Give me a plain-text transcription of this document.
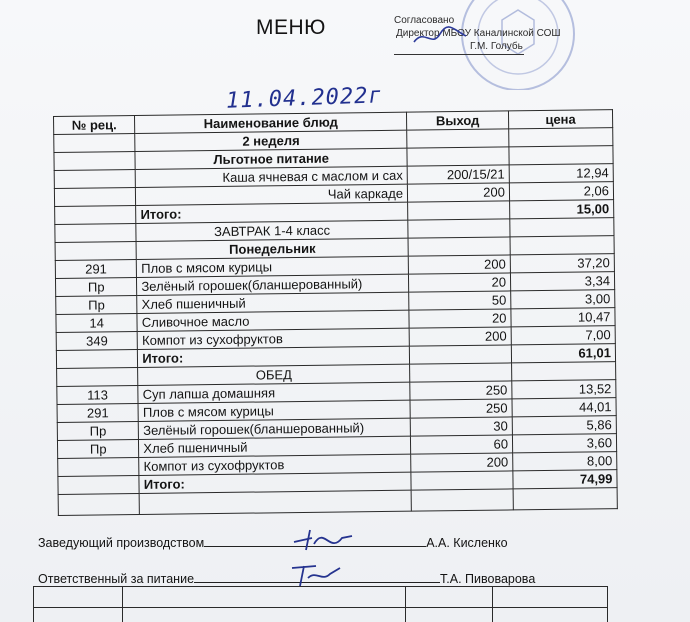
МЕНЮ	Согласовано
Директор МБОУ Каналинской СОШ
Г.М. Голубь
11.04.2022г
№ рец.	Наименование блюд	Выход	цена
	2 неделя		
	Льготное питание		
	Каша ячневая с маслом и сах	200/15/21	12,94
	Чай каркаде	200	2,06
	Итого:		15,00
	ЗАВТРАК 1-4 класс		
	Понедельник		
291	Плов с мясом курицы	200	37,20
Пр	Зелёный горошек(бланшерованный)	20	3,34
Пр	Хлеб пшеничный	50	3,00
14	Сливочное масло	20	10,47
349	Компот из сухофруктов	200	7,00
	Итого:		61,01
	ОБЕД		
113	Суп лапша домашняя	250	13,52
291	Плов с мясом курицы	250	44,01
Пр	Зелёный горошек(бланшерованный)	30	5,86
Пр	Хлеб пшеничный	60	3,60
	Компот из сухофруктов	200	8,00
	Итого:		74,99

Заведующий производством	А.А. Кисленко
Ответственный за питание	Т.А. Пивоварова
